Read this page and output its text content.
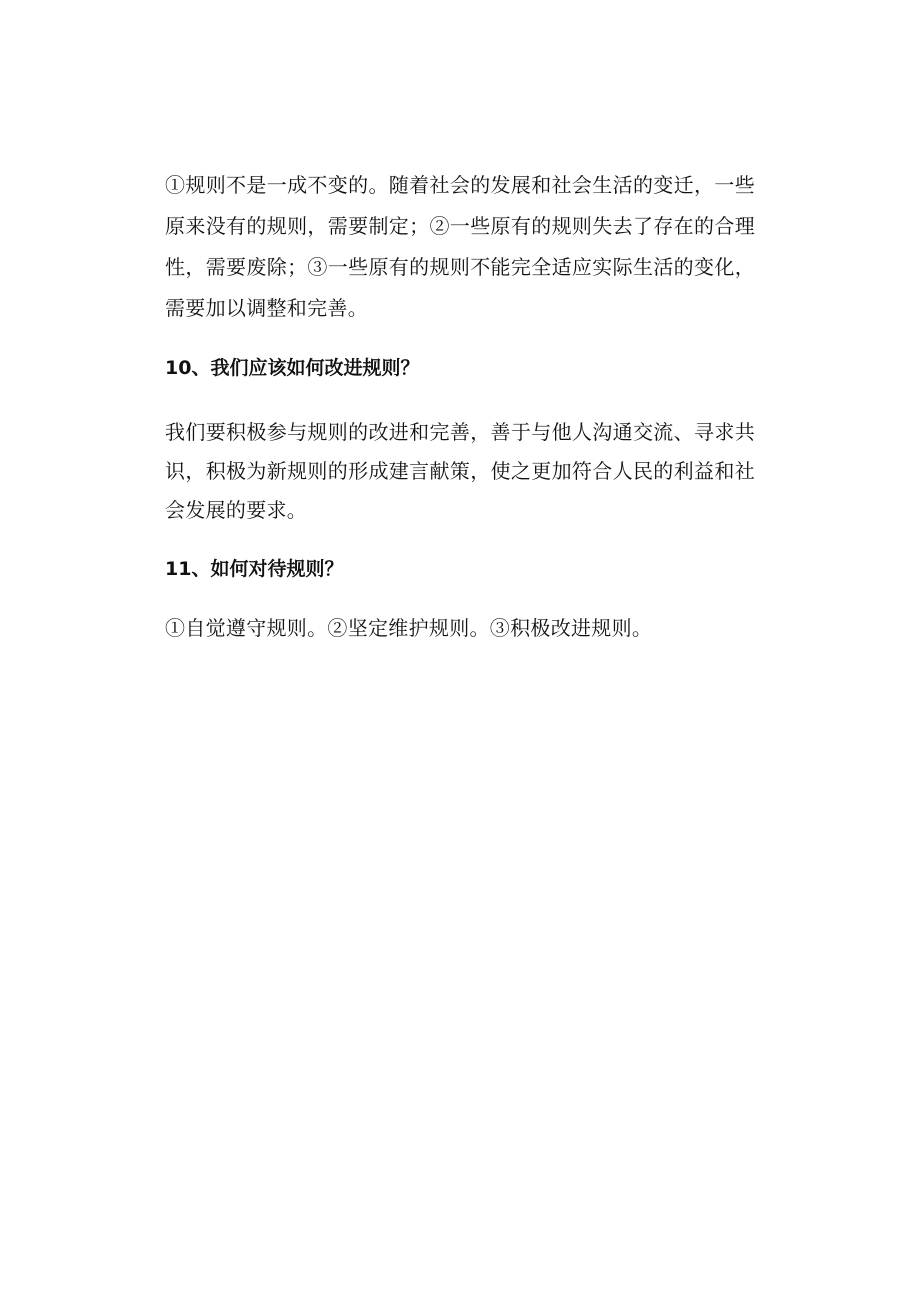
①规则不是一成不变的。随着社会的发展和社会生活的变迁，一些原来没有的规则，需要制定；②一些原有的规则失去了存在的合理性，需要废除；③一些原有的规则不能完全适应实际生活的变化，需要加以调整和完善。

10、我们应该如何改进规则？

我们要积极参与规则的改进和完善，善于与他人沟通交流、寻求共识，积极为新规则的形成建言献策，使之更加符合人民的利益和社会发展的要求。

11、如何对待规则？

①自觉遵守规则。②坚定维护规则。③积极改进规则。
